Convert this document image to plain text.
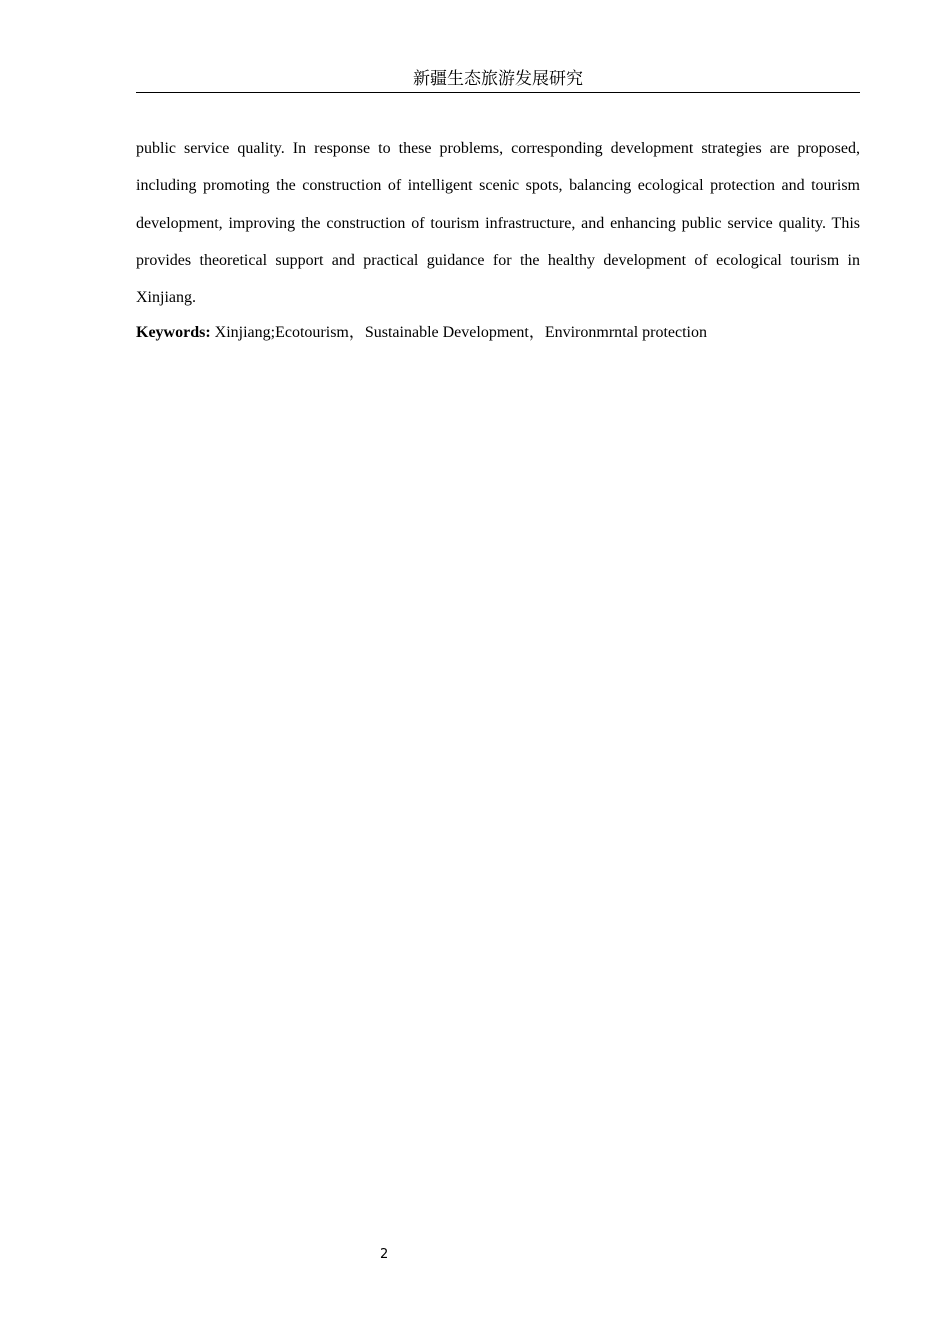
新疆生态旅游发展研究

public service quality. In response to these problems, corresponding development strategies are proposed, including promoting the construction of intelligent scenic spots, balancing ecological protection and tourism development, improving the construction of tourism infrastructure, and enhancing public service quality. This provides theoretical support and practical guidance for the healthy development of ecological tourism in Xinjiang.

Keywords: Xinjiang;Ecotourism，Sustainable Development，Environmrntal protection

2
